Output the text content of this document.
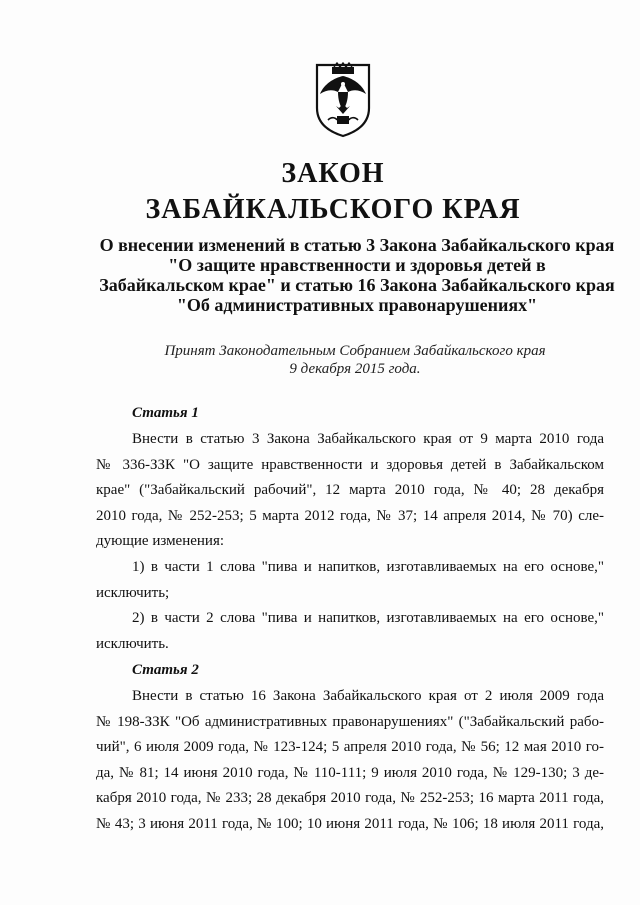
ЗАКОН
ЗАБАЙКАЛЬСКОГО КРАЯ
О внесении изменений в статью 3 Закона Забайкальского края
"О защите нравственности и здоровья детей в
Забайкальском крае" и статью 16 Закона Забайкальского края
"Об административных правонарушениях"
Принят Законодательным Собранием Забайкальского края
9 декабря 2015 года.
Статья 1
Внести в статью 3 Закона Забайкальского края от 9 марта 2010 года
№ 336-ЗЗК "О защите нравственности и здоровья детей в Забайкальском
крае" ("Забайкальский рабочий", 12 марта 2010 года, № 40; 28 декабря
2010 года, № 252-253; 5 марта 2012 года, № 37; 14 апреля 2014, № 70) сле-
дующие изменения:
1) в части 1 слова "пива и напитков, изготавливаемых на его основе,"
исключить;
2) в части 2 слова "пива и напитков, изготавливаемых на его основе,"
исключить.
Статья 2
Внести в статью 16 Закона Забайкальского края от 2 июля 2009 года
№ 198-ЗЗК "Об административных правонарушениях" ("Забайкальский рабо-
чий", 6 июля 2009 года, № 123-124; 5 апреля 2010 года, № 56; 12 мая 2010 го-
да, № 81; 14 июня 2010 года, № 110-111; 9 июля 2010 года, № 129-130; 3 де-
кабря 2010 года, № 233; 28 декабря 2010 года, № 252-253; 16 марта 2011 года,
№ 43; 3 июня 2011 года, № 100; 10 июня 2011 года, № 106; 18 июля 2011 года,
